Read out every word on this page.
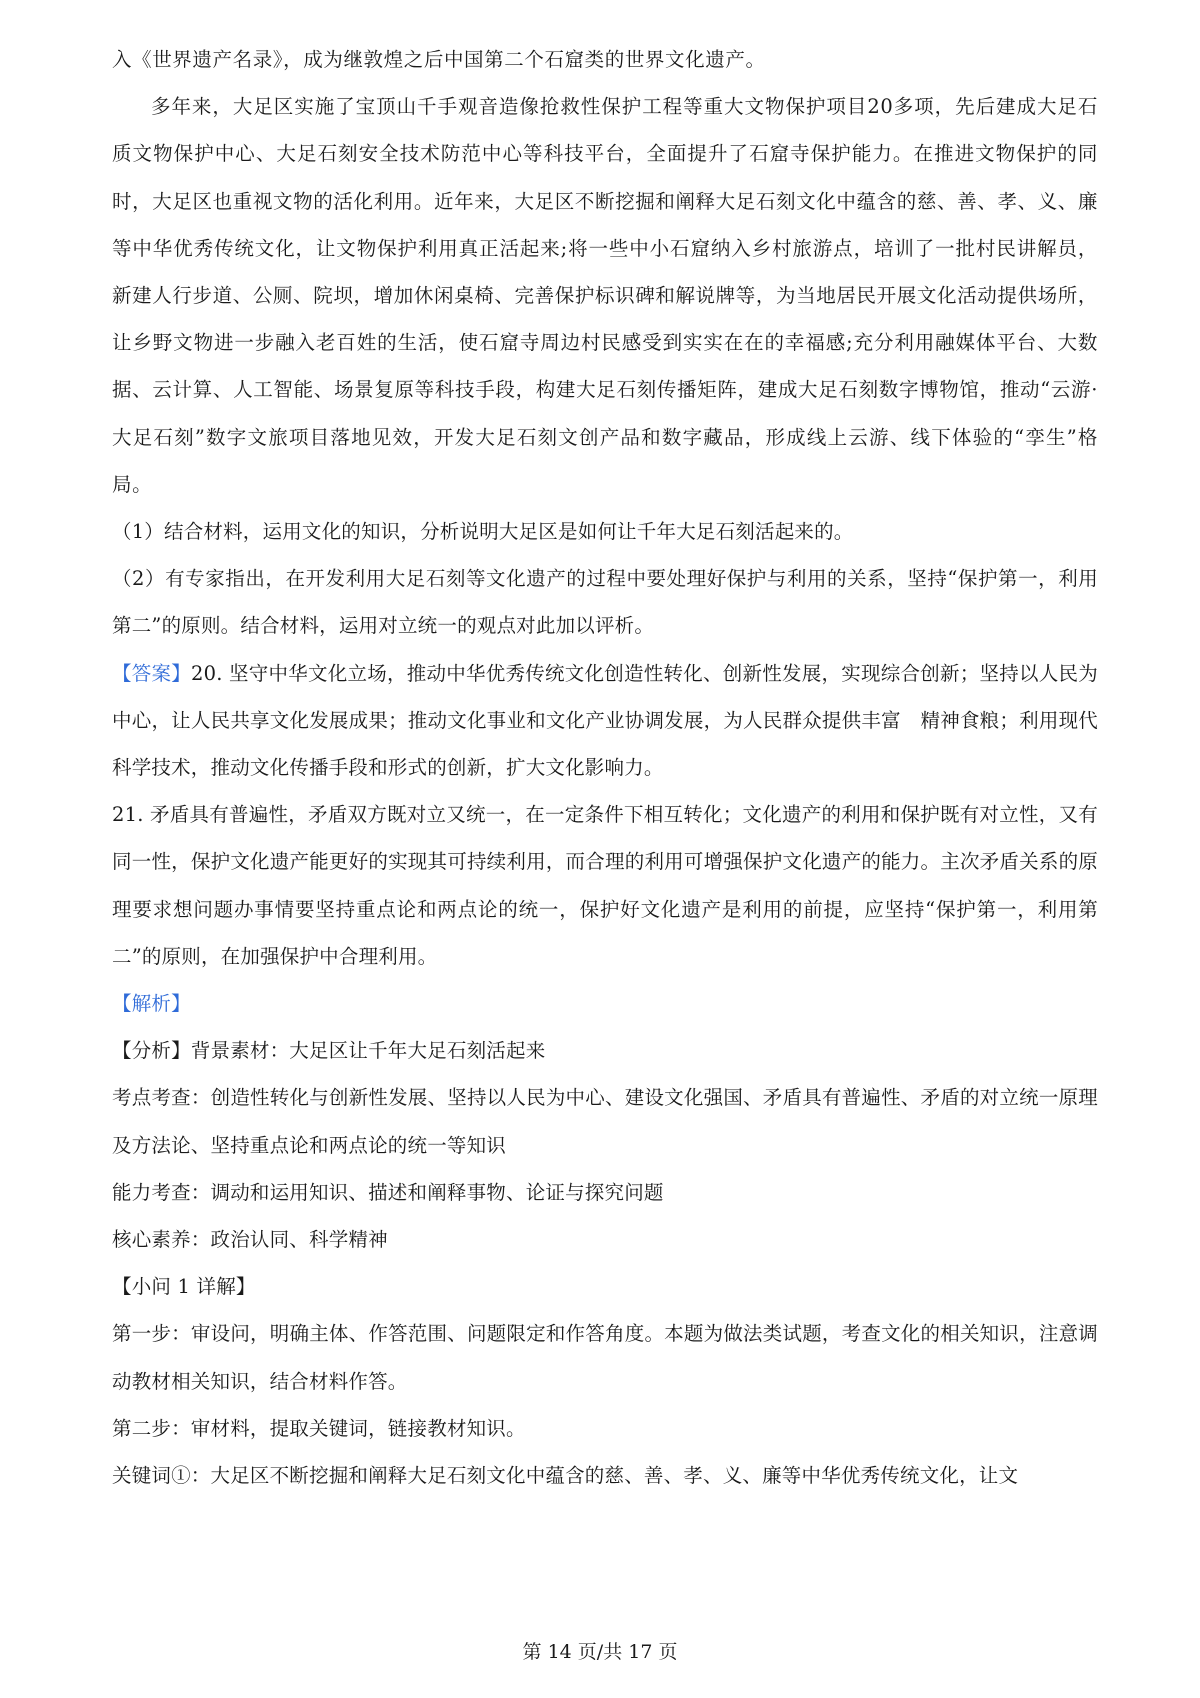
入《世界遗产名录》，成为继敦煌之后中国第二个石窟类的世界文化遗产。

多年来，大足区实施了宝顶山千手观音造像抢救性保护工程等重大文物保护项目20多项，先后建成大足石质文物保护中心、大足石刻安全技术防范中心等科技平台，全面提升了石窟寺保护能力。在推进文物保护的同时，大足区也重视文物的活化利用。近年来，大足区不断挖掘和阐释大足石刻文化中蕴含的慈、善、孝、义、廉等中华优秀传统文化，让文物保护利用真正活起来;将一些中小石窟纳入乡村旅游点，培训了一批村民讲解员，新建人行步道、公厕、院坝，增加休闲桌椅、完善保护标识碑和解说牌等，为当地居民开展文化活动提供场所，让乡野文物进一步融入老百姓的生活，使石窟寺周边村民感受到实实在在的幸福感;充分利用融媒体平台、大数据、云计算、人工智能、场景复原等科技手段，构建大足石刻传播矩阵，建成大足石刻数字博物馆，推动“云游·大足石刻”数字文旅项目落地见效，开发大足石刻文创产品和数字藏品，形成线上云游、线下体验的“孪生”格局。

（1）结合材料，运用文化的知识，分析说明大足区是如何让千年大足石刻活起来的。

（2）有专家指出，在开发利用大足石刻等文化遗产的过程中要处理好保护与利用的关系，坚持“保护第一，利用第二”的原则。结合材料，运用对立统一的观点对此加以评析。

【答案】20. 坚守中华文化立场，推动中华优秀传统文化创造性转化、创新性发展，实现综合创新；坚持以人民为中心，让人民共享文化发展成果；推动文化事业和文化产业协调发展，为人民群众提供丰富　精神食粮；利用现代科学技术，推动文化传播手段和形式的创新，扩大文化影响力。

21. 矛盾具有普遍性，矛盾双方既对立又统一，在一定条件下相互转化；文化遗产的利用和保护既有对立性，又有同一性，保护文化遗产能更好的实现其可持续利用，而合理的利用可增强保护文化遗产的能力。主次矛盾关系的原理要求想问题办事情要坚持重点论和两点论的统一，保护好文化遗产是利用的前提，应坚持“保护第一，利用第二”的原则，在加强保护中合理利用。

【解析】

【分析】背景素材：大足区让千年大足石刻活起来

考点考查：创造性转化与创新性发展、坚持以人民为中心、建设文化强国、矛盾具有普遍性、矛盾的对立统一原理及方法论、坚持重点论和两点论的统一等知识

能力考查：调动和运用知识、描述和阐释事物、论证与探究问题

核心素养：政治认同、科学精神

【小问 1 详解】

第一步：审设问，明确主体、作答范围、问题限定和作答角度。本题为做法类试题，考查文化的相关知识，注意调动教材相关知识，结合材料作答。

第二步：审材料，提取关键词，链接教材知识。

关键词①：大足区不断挖掘和阐释大足石刻文化中蕴含的慈、善、孝、义、廉等中华优秀传统文化，让文

第 14 页/共 17 页
